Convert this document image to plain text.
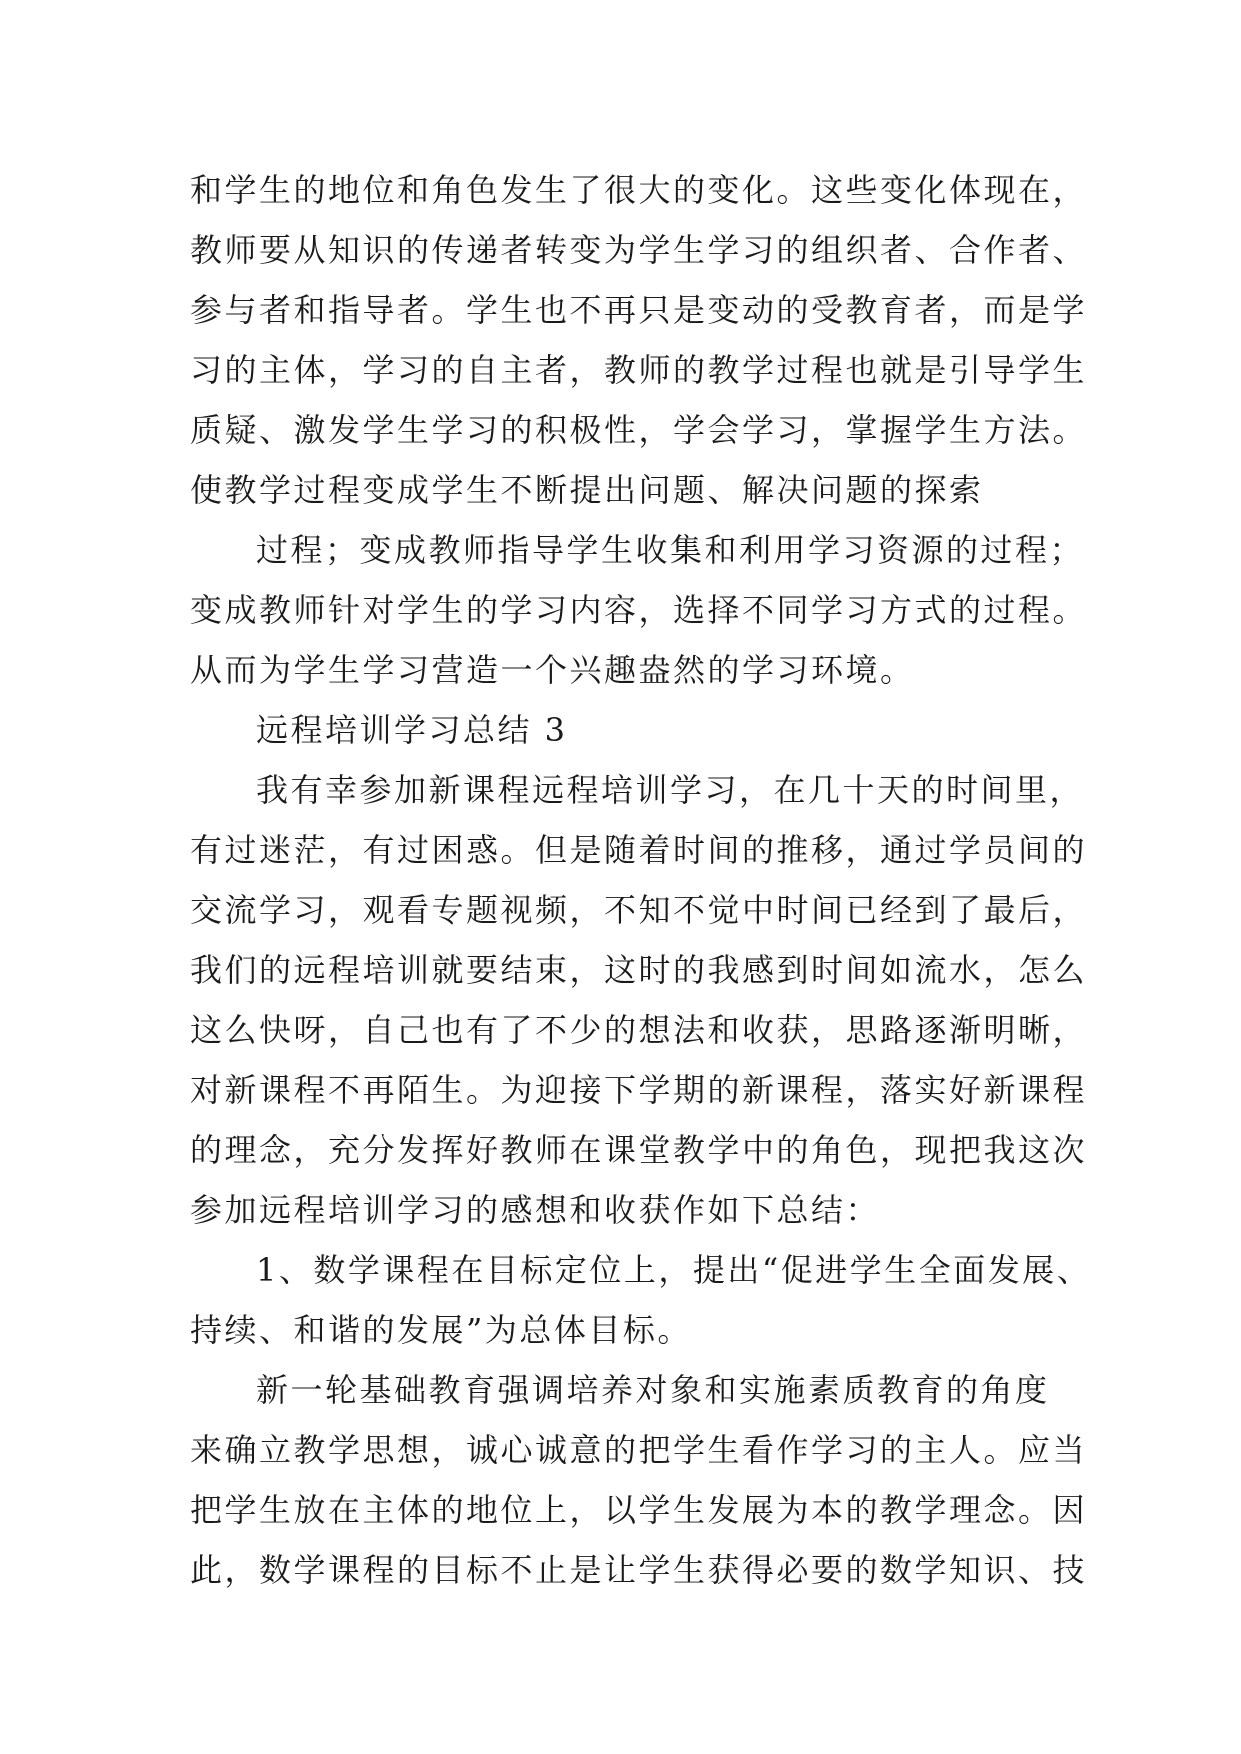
和学生的地位和角色发生了很大的变化。这些变化体现在，
教师要从知识的传递者转变为学生学习的组织者、合作者、
参与者和指导者。学生也不再只是变动的受教育者，而是学
习的主体，学习的自主者，教师的教学过程也就是引导学生
质疑、激发学生学习的积极性，学会学习，掌握学生方法。
使教学过程变成学生不断提出问题、解决问题的探索
过程；变成教师指导学生收集和利用学习资源的过程；
变成教师针对学生的学习内容，选择不同学习方式的过程。
从而为学生学习营造一个兴趣盎然的学习环境。
远程培训学习总结 3
我有幸参加新课程远程培训学习，在几十天的时间里，
有过迷茫，有过困惑。但是随着时间的推移，通过学员间的
交流学习，观看专题视频，不知不觉中时间已经到了最后，
我们的远程培训就要结束，这时的我感到时间如流水，怎么
这么快呀，自己也有了不少的想法和收获，思路逐渐明晰，
对新课程不再陌生。为迎接下学期的新课程，落实好新课程
的理念，充分发挥好教师在课堂教学中的角色，现把我这次
参加远程培训学习的感想和收获作如下总结：
1、数学课程在目标定位上，提出“促进学生全面发展、
持续、和谐的发展”为总体目标。
新一轮基础教育强调培养对象和实施素质教育的角度
来确立教学思想，诚心诚意的把学生看作学习的主人。应当
把学生放在主体的地位上，以学生发展为本的教学理念。因
此，数学课程的目标不止是让学生获得必要的数学知识、技
